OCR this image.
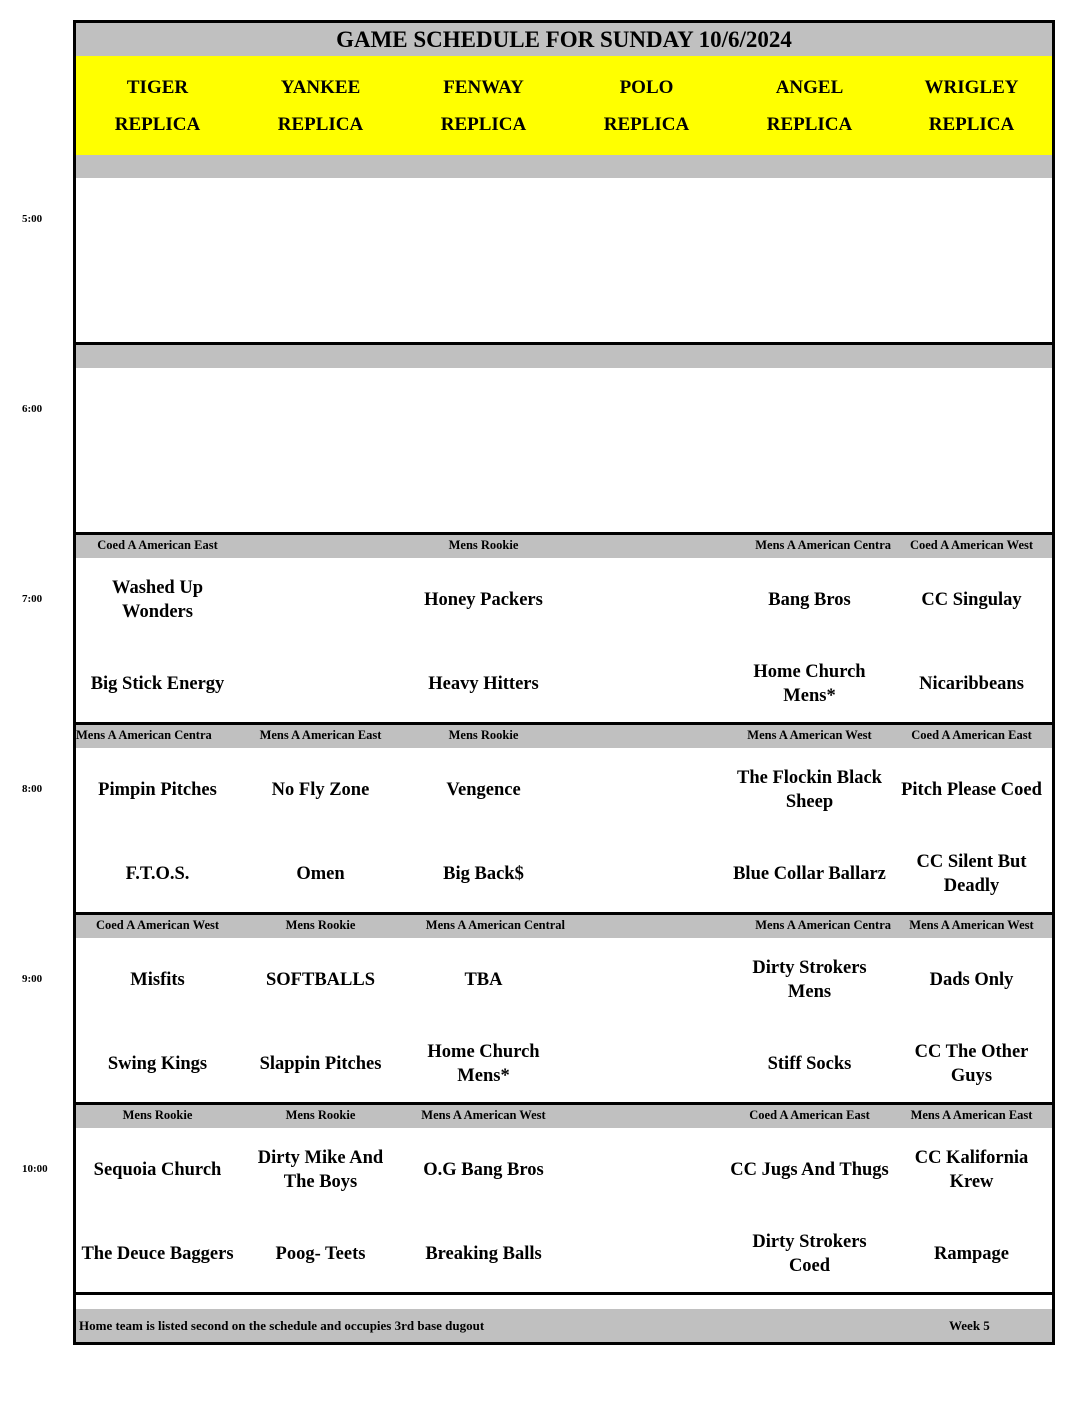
GAME SCHEDULE FOR SUNDAY 10/6/2024
TIGER
REPLICA
YANKEE
REPLICA
FENWAY
REPLICA
POLO
REPLICA
ANGEL
REPLICA
WRIGLEY
REPLICA
Coed A American East
Washed Up Wonders
Big Stick Energy
Mens Rookie
Honey Packers
Heavy Hitters
Mens A American Centra
Bang Bros
Home Church Mens*
Coed A American West
CC Singulay
Nicaribbeans
Mens A American Centra
Pimpin Pitches
F.T.O.S.
Mens A American East
No Fly Zone
Omen
Mens Rookie
Vengence
Big Back$
Mens A American West
The Flockin Black Sheep
Blue Collar Ballarz
Coed A American East
Pitch Please Coed
CC Silent But Deadly
Coed A American West
Misfits
Swing Kings
Mens Rookie
SOFTBALLS
Slappin Pitches
Mens A American Central
TBA
Home Church Mens*
Mens A American Centra
Dirty Strokers Mens
Stiff Socks
Mens A American West
Dads Only
CC The Other Guys
Mens Rookie
Sequoia Church
The Deuce Baggers
Mens Rookie
Dirty Mike And The Boys
Poog- Teets
Mens A American West
O.G Bang Bros
Breaking Balls
Coed A American East
CC Jugs And Thugs
Dirty Strokers Coed
Mens A American East
CC Kalifornia Krew
Rampage
Home team is listed second on the schedule and occupies 3rd base dugout	Week 5
5:00
6:00
7:00
8:00
9:00
10:00
